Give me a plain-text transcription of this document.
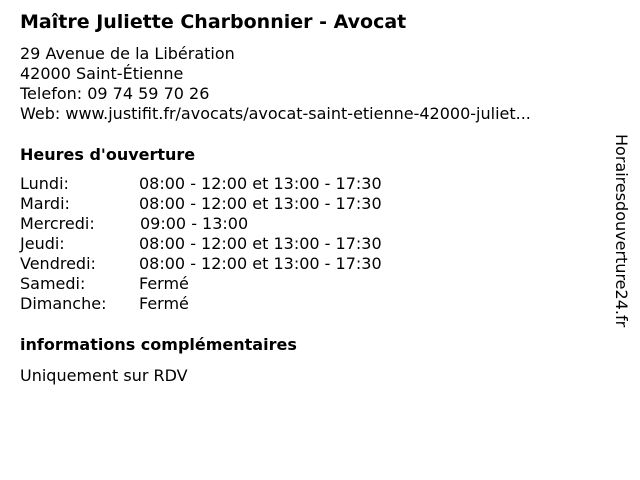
Maître Juliette Charbonnier - Avocat
29 Avenue de la Libération
42000 Saint-Étienne
Telefon: 09 74 59 70 26
Web: www.justifit.fr/avocats/avocat-saint-etienne-42000-juliet...
Heures d'ouverture
Lundi:	08:00 - 12:00 et 13:00 - 17:30
Mardi:	08:00 - 12:00 et 13:00 - 17:30
Mercredi:	09:00 - 13:00
Jeudi:	08:00 - 12:00 et 13:00 - 17:30
Vendredi:	08:00 - 12:00 et 13:00 - 17:30
Samedi:	Fermé
Dimanche:	Fermé
informations complémentaires
Uniquement sur RDV
Horairesdouverture24.fr
